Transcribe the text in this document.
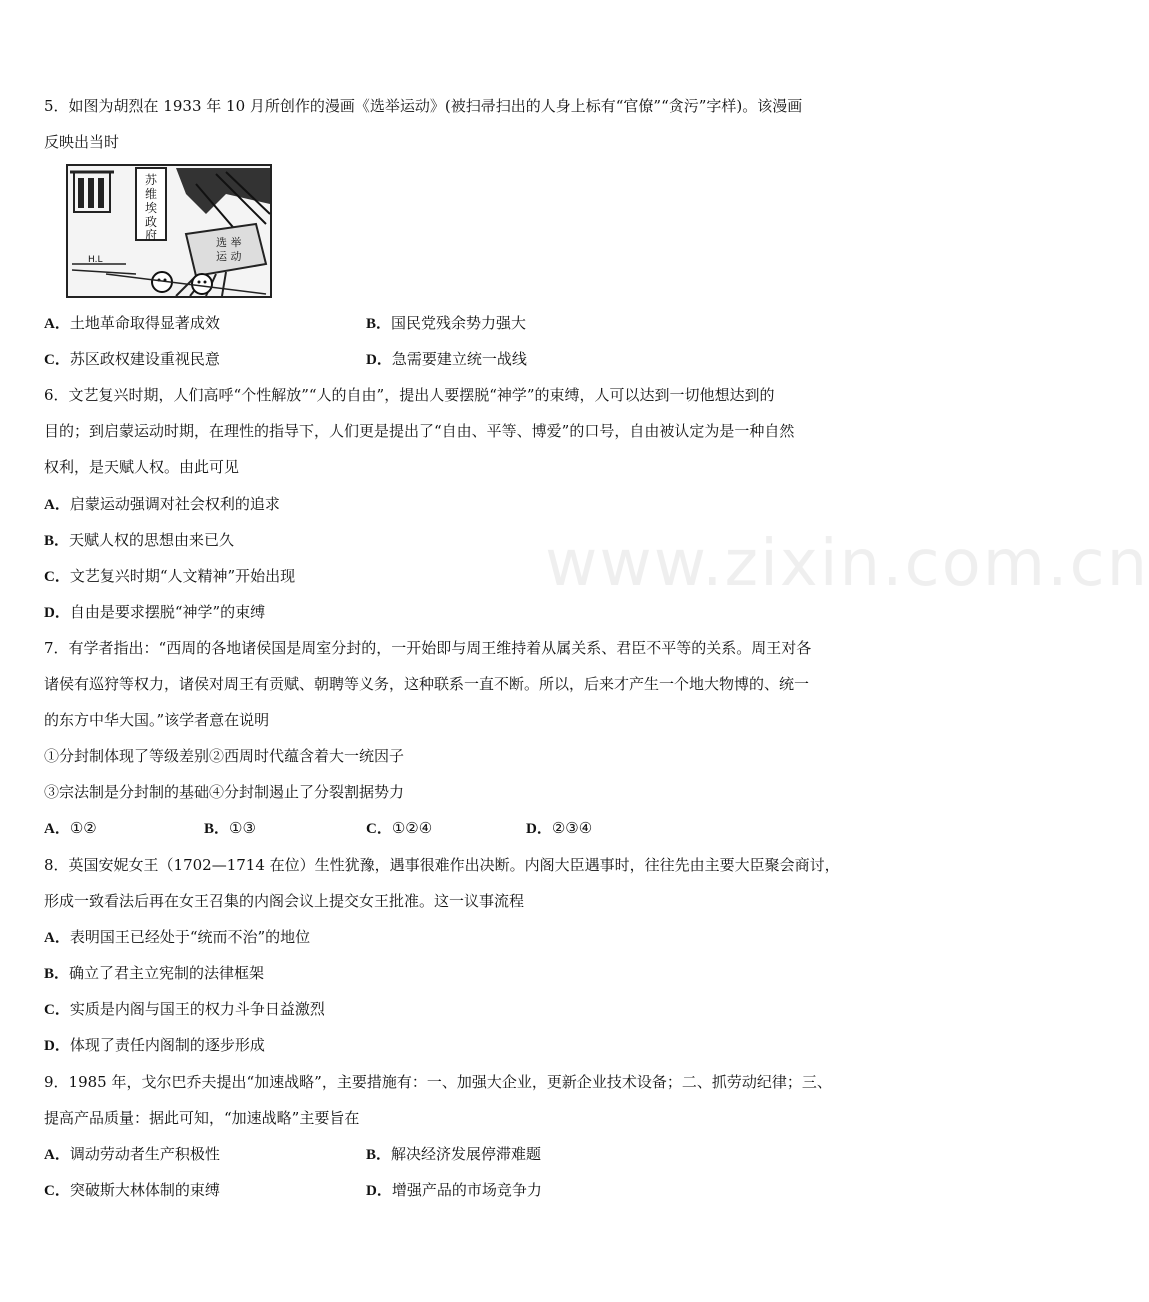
www.zixin.com.cn
5．如图为胡烈在 1933 年 10 月所创作的漫画《选举运动》(被扫帚扫出的人身上标有“官僚”“贪污”字样)。该漫画
反映出当时
苏
维
埃
政
府
选 举
运 动
H.L
A．土地革命取得显著成效	B．国民党残余势力强大
C．苏区政权建设重视民意	D．急需要建立统一战线
6．文艺复兴时期，人们高呼“个性解放”“人的自由”，提出人要摆脱“神学”的束缚，人可以达到一切他想达到的
目的；到启蒙运动时期，在理性的指导下，人们更是提出了“自由、平等、博爱”的口号，自由被认定为是一种自然
权利，是天赋人权。由此可见
A．启蒙运动强调对社会权利的追求
B．天赋人权的思想由来已久
C．文艺复兴时期“人文精神”开始出现
D．自由是要求摆脱“神学”的束缚
7．有学者指出：“西周的各地诸侯国是周室分封的，一开始即与周王维持着从属关系、君臣不平等的关系。周王对各
诸侯有巡狩等权力，诸侯对周王有贡赋、朝聘等义务，这种联系一直不断。所以，后来才产生一个地大物博的、统一
的东方中华大国。”该学者意在说明
①分封制体现了等级差别②西周时代蕴含着大一统因子
③宗法制是分封制的基础④分封制遏止了分裂割据势力
A．①②	B．①③	C．①②④	D．②③④
8．英国安妮女王（1702—1714 在位）生性犹豫，遇事很难作出决断。内阁大臣遇事时，往往先由主要大臣聚会商讨，
形成一致看法后再在女王召集的内阁会议上提交女王批准。这一议事流程
A．表明国王已经处于“统而不治”的地位
B．确立了君主立宪制的法律框架
C．实质是内阁与国王的权力斗争日益激烈
D．体现了责任内阁制的逐步形成
9．1985 年，戈尔巴乔夫提出“加速战略”，主要措施有：一、加强大企业，更新企业技术设备；二、抓劳动纪律；三、
提高产品质量：据此可知，“加速战略”主要旨在
A．调动劳动者生产积极性	B．解决经济发展停滞难题
C．突破斯大林体制的束缚	D．增强产品的市场竞争力
